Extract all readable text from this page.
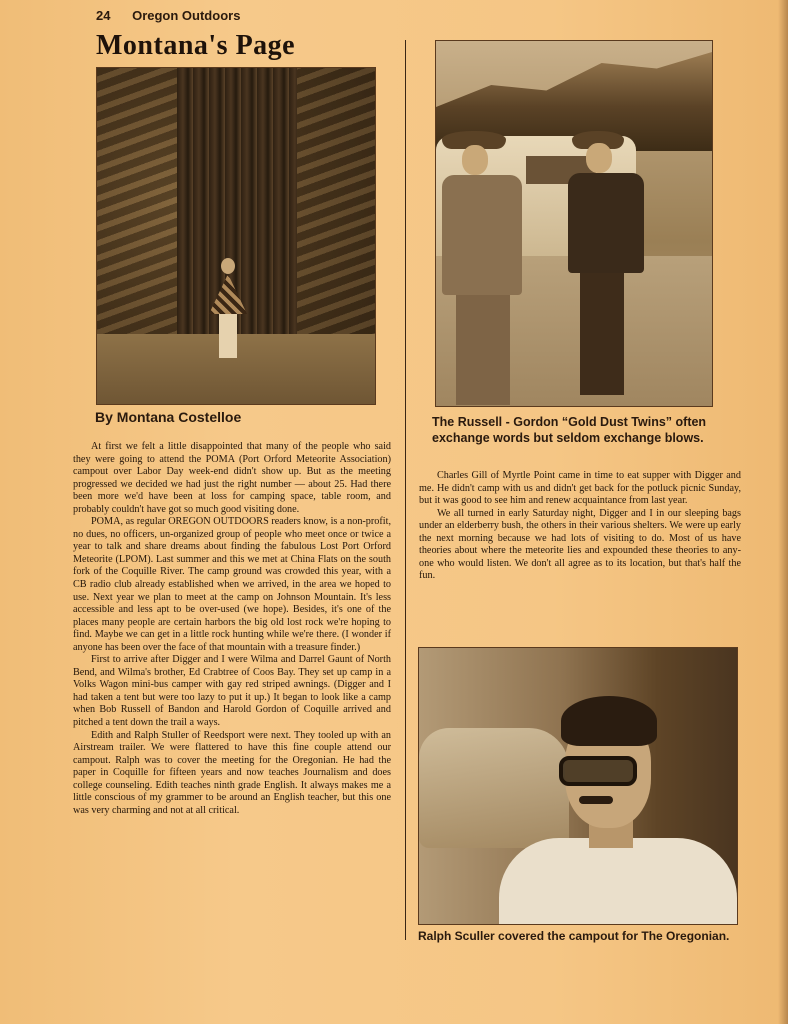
24 Oregon Outdoors
Montana's Page
By Montana Costelloe

At first we felt a little disappointed that many of the people who said they were going to attend the POMA (Port Orford Meteorite Association) campout over Labor Day week-end didn't show up. But as the meeting progressed we decided we had just the right number — about 25. Had there been more we'd have been at loss for camping space, table room, and probably couldn't have got so much good visiting done.

POMA, as regular OREGON OUTDOORS readers know, is a non-profit, no dues, no officers, un-organized group of people who meet once or twice a year to talk and share dreams about finding the fabulous Lost Port Orford Meteorite (LPOM). Last summer and this we met at China Flats on the south fork of the Coquille River. The camp ground was crowded this year, with a CB radio club already established when we arrived, in the area we hoped to use. Next year we plan to meet at the camp on Johnson Mountain. It's less accessible and less apt to be over-used (we hope). Besides, it's one of the places many people are certain harbors the big old lost rock we're hoping to find. Maybe we can get in a little rock hunting while we're there. (I wonder if anyone has been over the face of that mountain with a treasure finder.)

First to arrive after Digger and I were Wilma and Darrel Gaunt of North Bend, and Wilma's brother, Ed Crabtree of Coos Bay. They set up camp in a Volks Wagon mini-bus camper with gay red striped awnings. (Digger and I had taken a tent but were too lazy to put it up.) It began to look like a camp when Bob Russell of Bandon and Harold Gordon of Coquille arrived and pitched a tent down the trail a ways.

Edith and Ralph Stuller of Reedsport were next. They tooled up with an Airstream trailer. We were flattered to have this fine couple attend our campout. Ralph was to cover the meeting for the Oregonian. He had the paper in Coquille for fifteen years and now teaches Journalism and does college counseling. Edith teaches ninth grade English. It always makes me a little conscious of my grammer to be around an English teacher, but this one was very charming and not at all critical.

The Russell - Gordon “Gold Dust Twins” often exchange words but seldom exchange blows.

Charles Gill of Myrtle Point came in time to eat supper with Digger and me. He didn't camp with us and didn't get back for the potluck picnic Sunday, but it was good to see him and renew acquaintance from last year.

We all turned in early Saturday night, Digger and I in our sleeping bags under an elderberry bush, the others in their various shelters. We were up early the next morning because we had lots of visiting to do. Most of us have theories about where the meteorite lies and expounded these theories to any-one who would listen. We don't all agree as to its location, but that's half the fun.

Ralph Sculler covered the campout for The Oregonian.
